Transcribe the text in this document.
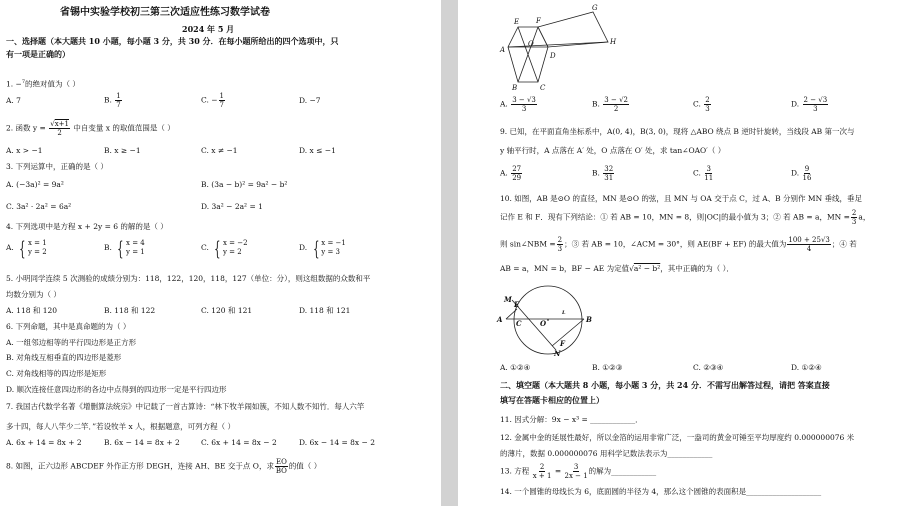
省锡中实验学校初三第三次适应性练习数学试卷
2024 年 5 月
一、选择题（本大题共 10 小题，每小题 3 分，共 30 分．在每小题所给出的四个选项中，只
有一项是正确的）
1. −$^7$的绝对值为（ ）
A. 7	B. $\frac{1}{7}$	C. − $\frac{1}{7}$	D. −7
2. 函数 $y = \frac{√x+1}{2}$ 中自变量 x 的取值范围是（ ）
A. x > −1	B. x ≥ −1	C. x ≠ −1	D. x ≤ −1
3. 下列运算中，正确的是（ ）
A. (−3a)² = 9a²	B. (3a − b)² = 9a² − b²
C. 3a² · 2a² = 6a²	D. 3a² − 2a² = 1
4. 下列选项中是方程 x + 2y = 6 的解的是（ ）
A. { x = 1
y = 2	B. { x = 4
y = 1	C. { x = −2
y = 2	D. { x = −1
y = 3
5. 小明同学连续 5 次测验的成绩分别为：118，122，120，118，127（单位：分），则这组数据的众数和平
均数分别为（ ）
A. 118 和 120	B. 118 和 122	C. 120 和 121	D. 118 和 121
6. 下列命题，其中是真命题的为（ ）
A. 一组邻边相等的平行四边形是正方形
B. 对角线互相垂直的四边形是菱形
C. 对角线相等的四边形是矩形
D. 顺次连接任意四边形的各边中点得到的四边形一定是平行四边形
7. 我国古代数学名著《增删算法统宗》中记载了一首古算诗：“林下牧羊闹如簇，不知人数不知竹．每人六竿
多十四，每人八竿少二竿．”若设牧羊 x 人，根据题意，可列方程（ ）
A. 6x + 14 = 8x + 2	B. 6x − 14 = 8x + 2	C. 6x + 14 = 8x − 2	D. 6x − 14 = 8x − 2
8. 如图，正六边形 ABCDEF 外作正方形 DEGH，连接 AH、BE 交于点 O，求 $\frac{EO}{BO}$ 的值（ ）
E F
G
O	H
A
D
B	C
A. $\frac{3 - √3}{3}$	B. $\frac{3 - √2}{2}$	C. $\frac{2}{3}$	D. $\frac{2 - √3}{3}$
9. 已知，在平面直角坐标系中，A(0, 4)，B(3, 0)，现将 △ABO 绕点 B 逆时针旋转，当线段 AB 第一次与
y 轴平行时，A 点落在 A′ 处，O 点落在 O′ 处，求 tan∠OAO′（ ）
A. $\frac{27}{29}$	B. $\frac{32}{31}$	C. $\frac{3}{11}$	D. $\frac{9}{16}$
10. 如图，AB 是⊙O 的直径，MN 是⊙O 的弦，且 MN 与 OA 交于点 C，过 A、B 分别作 MN 垂线，垂足
记作 E 和 F．现有下列结论：① 若 AB = 10，MN = 8，则|OC|的最小值为 3；② 若 AB = a，MN = $\frac{2}{3}$ a，
则 sin∠NBM = $\frac{2}{3}$ ；③ 若 AB = 10，∠ACM = 30°，则 AE(BF + EF) 的最大值为 $\frac{100 + 25√3}{4}$ ；④ 若
AB = a，MN = b，BF − AE 为定值√a² − b²，其中正确的为（ ）．
M
A
E
C	O
L
B
F
N
A. ①②④	B. ①②③	C. ②③④	D. ①②④
二、填空题（本大题共 8 小题，每小题 3 分，共 24 分．不需写出解答过程，请把 答案直接
填写在答题卡相应的位置上）
11. 因式分解：9x − x³ = ____________．
12. 金属中金的延展性最好，所以金箔的运用非常广泛，一盎司的黄金可锤至平均厚度约 0.000000076 米
的薄片，数据 0.000000076 用科学记数法表示为____________
13. 方程 $\frac{2}{x + 1} = \frac{3}{2x - 1}$ 的解为____________
14. 一个圆锥的母线长为 6，底面圆的半径为 4，那么这个圆锥的表面积是____________________
